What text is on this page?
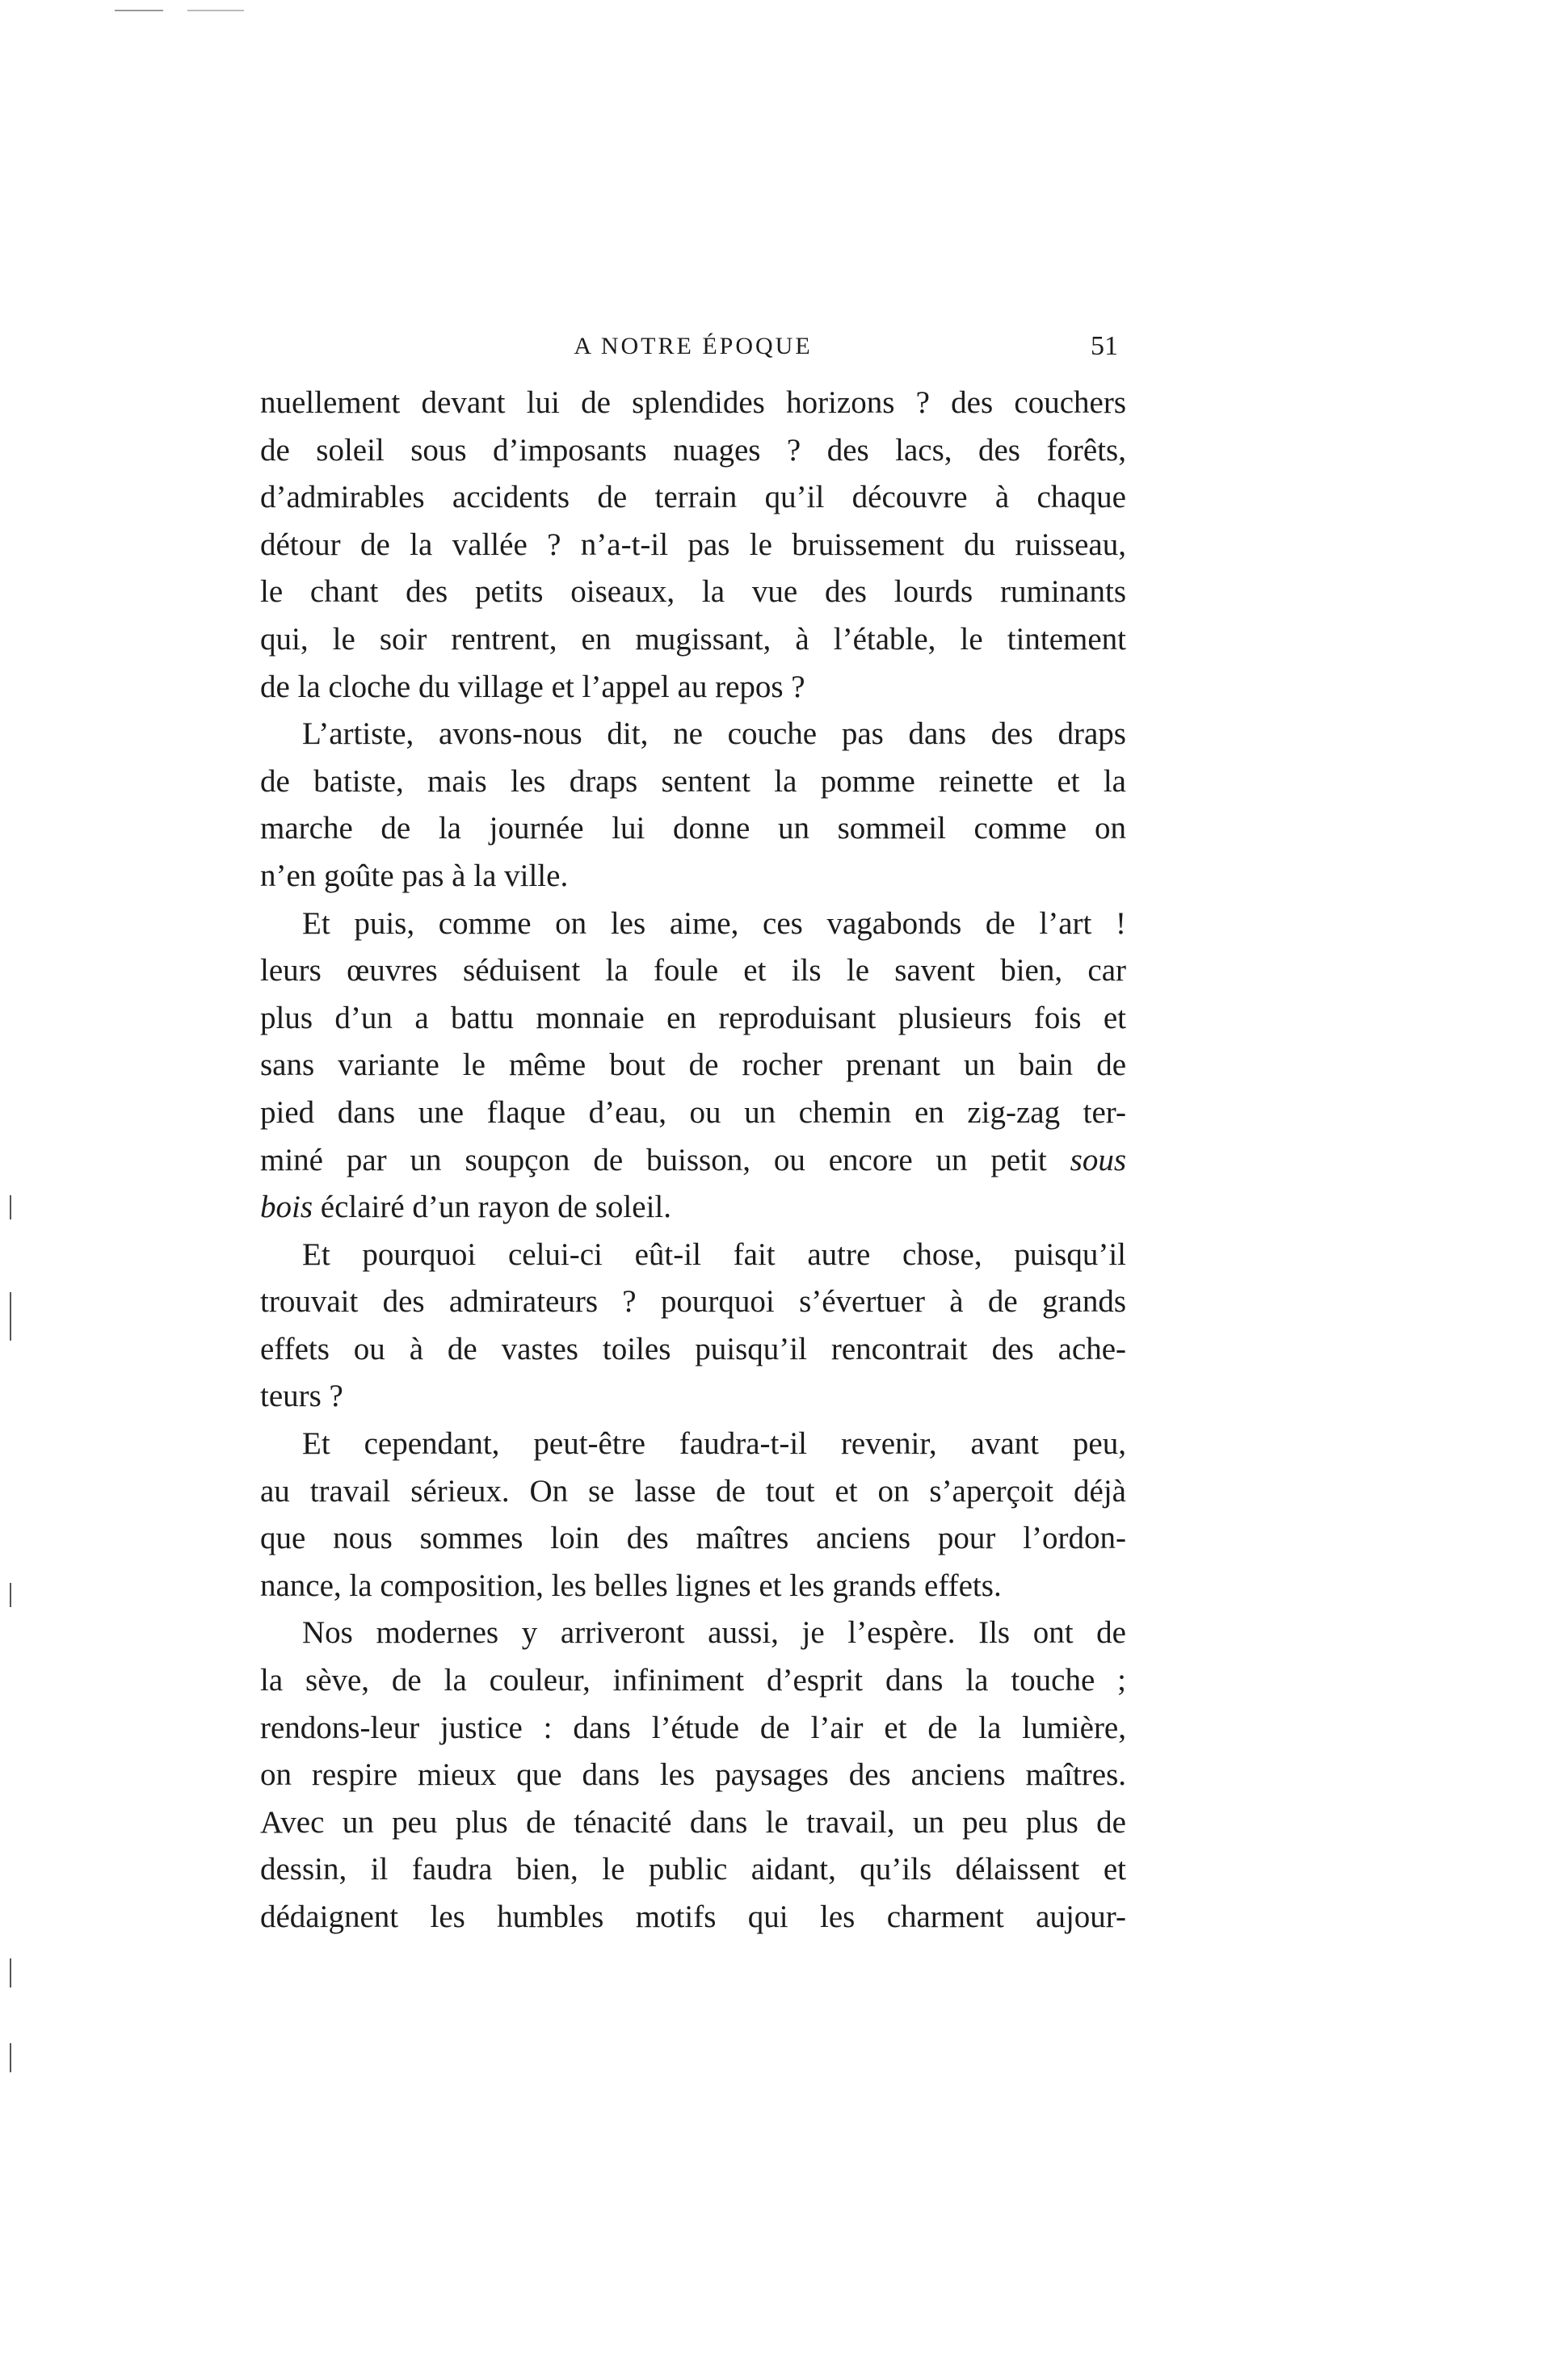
A NOTRE ÉPOQUE	51
nuellement devant lui de splendides horizons ? des couchers
de soleil sous d’imposants nuages ? des lacs, des forêts,
d’admirables accidents de terrain qu’il découvre à chaque
détour de la vallée ? n’a-t-il pas le bruissement du ruisseau,
le chant des petits oiseaux, la vue des lourds ruminants
qui, le soir rentrent, en mugissant, à l’étable, le tintement
de la cloche du village et l’appel au repos ?
L’artiste, avons-nous dit, ne couche pas dans des draps
de batiste, mais les draps sentent la pomme reinette et la
marche de la journée lui donne un sommeil comme on
n’en goûte pas à la ville.
Et puis, comme on les aime, ces vagabonds de l’art !
leurs œuvres séduisent la foule et ils le savent bien, car
plus d’un a battu monnaie en reproduisant plusieurs fois et
sans variante le même bout de rocher prenant un bain de
pied dans une flaque d’eau, ou un chemin en zig-zag ter-
miné par un soupçon de buisson, ou encore un petit sous
bois éclairé d’un rayon de soleil.
Et pourquoi celui-ci eût-il fait autre chose, puisqu’il
trouvait des admirateurs ? pourquoi s’évertuer à de grands
effets ou à de vastes toiles puisqu’il rencontrait des ache-
teurs ?
Et cependant, peut-être faudra-t-il revenir, avant peu,
au travail sérieux. On se lasse de tout et on s’aperçoit déjà
que nous sommes loin des maîtres anciens pour l’ordon-
nance, la composition, les belles lignes et les grands effets.
Nos modernes y arriveront aussi, je l’espère. Ils ont de
la sève, de la couleur, infiniment d’esprit dans la touche ;
rendons-leur justice : dans l’étude de l’air et de la lumière,
on respire mieux que dans les paysages des anciens maîtres.
Avec un peu plus de ténacité dans le travail, un peu plus de
dessin, il faudra bien, le public aidant, qu’ils délaissent et
dédaignent les humbles motifs qui les charment aujour-
